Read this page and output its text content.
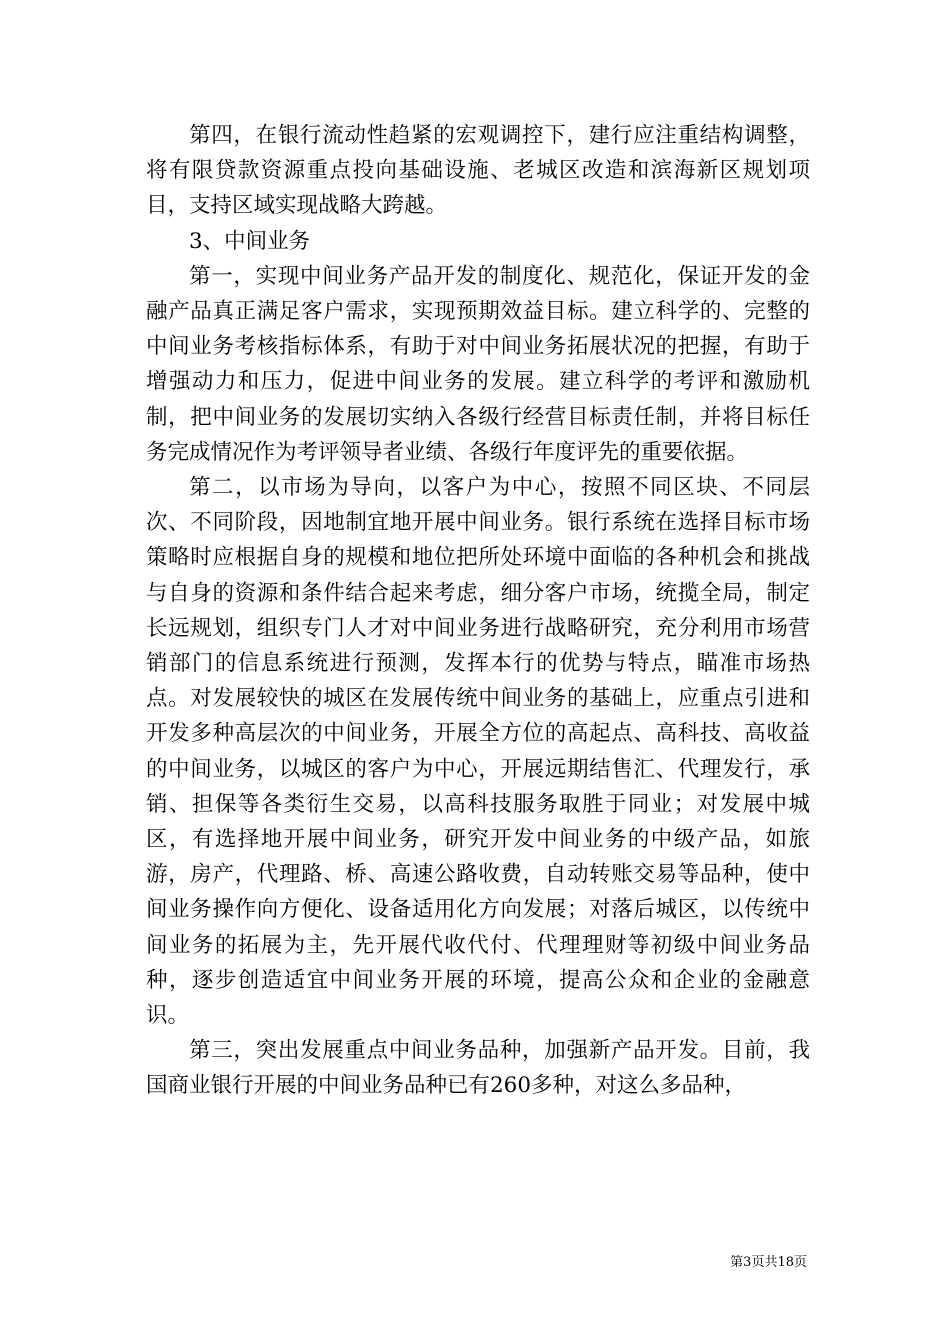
第四，在银行流动性趋紧的宏观调控下，建行应注重结构调整，将有限贷款资源重点投向基础设施、老城区改造和滨海新区规划项目，支持区域实现战略大跨越。

3、中间业务

第一，实现中间业务产品开发的制度化、规范化，保证开发的金融产品真正满足客户需求，实现预期效益目标。建立科学的、完整的中间业务考核指标体系，有助于对中间业务拓展状况的把握，有助于增强动力和压力，促进中间业务的发展。建立科学的考评和激励机制，把中间业务的发展切实纳入各级行经营目标责任制，并将目标任务完成情况作为考评领导者业绩、各级行年度评先的重要依据。

第二，以市场为导向，以客户为中心，按照不同区块、不同层次、不同阶段，因地制宜地开展中间业务。银行系统在选择目标市场策略时应根据自身的规模和地位把所处环境中面临的各种机会和挑战与自身的资源和条件结合起来考虑，细分客户市场，统揽全局，制定长远规划，组织专门人才对中间业务进行战略研究，充分利用市场营销部门的信息系统进行预测，发挥本行的优势与特点，瞄准市场热点。对发展较快的城区在发展传统中间业务的基础上，应重点引进和开发多种高层次的中间业务，开展全方位的高起点、高科技、高收益的中间业务，以城区的客户为中心，开展远期结售汇、代理发行，承销、担保等各类衍生交易，以高科技服务取胜于同业；对发展中城区，有选择地开展中间业务，研究开发中间业务的中级产品，如旅游，房产，代理路、桥、高速公路收费，自动转账交易等品种，使中间业务操作向方便化、设备适用化方向发展；对落后城区，以传统中间业务的拓展为主，先开展代收代付、代理理财等初级中间业务品种，逐步创造适宜中间业务开展的环境，提高公众和企业的金融意识。

第三，突出发展重点中间业务品种，加强新产品开发。目前，我国商业银行开展的中间业务品种已有260多种，对这么多品种，

第3页共18页
